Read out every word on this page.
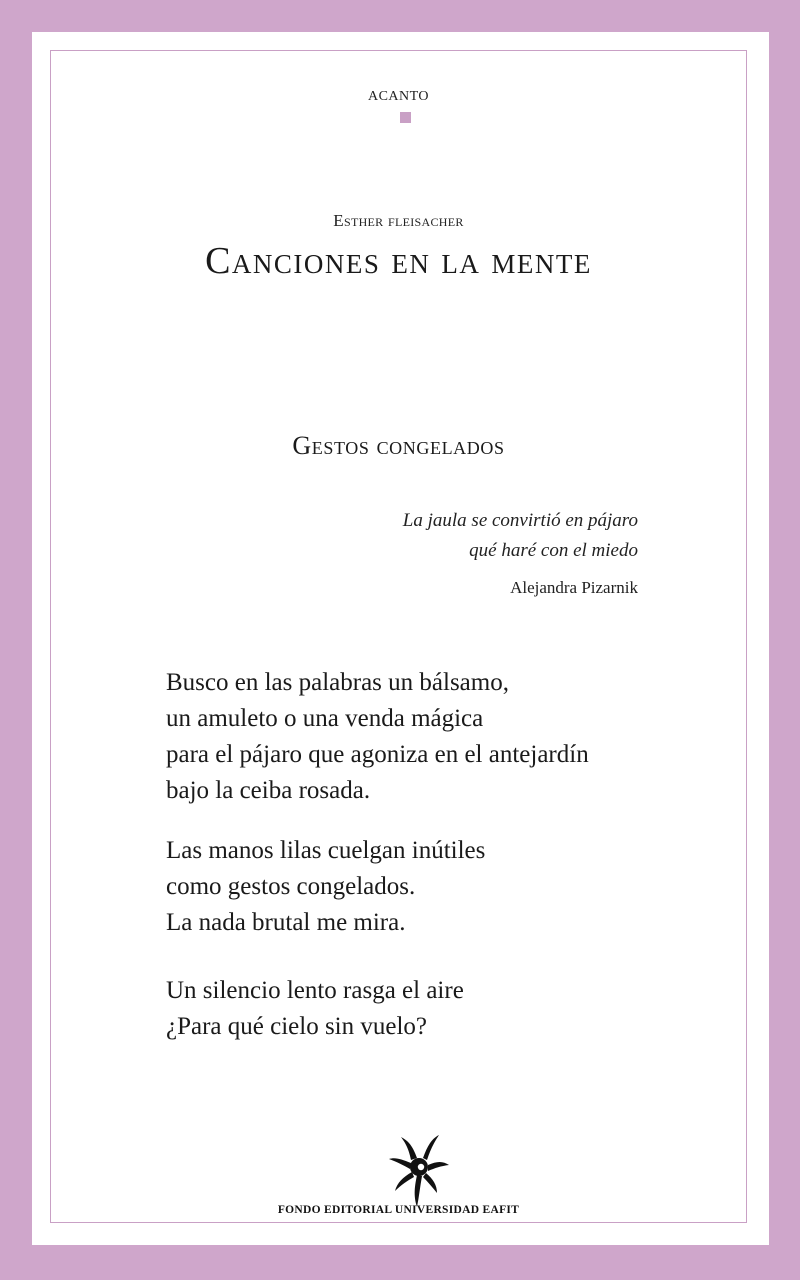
ACANTO
Esther fleisacher
Canciones en la mente
Gestos congelados
La jaula se convirtió en pájaro
qué haré con el miedo
Alejandra Pizarnik
Busco en las palabras un bálsamo,
un amuleto o una venda mágica
para el pájaro que agoniza en el antejardín
bajo la ceiba rosada.
Las manos lilas cuelgan inútiles
como gestos congelados.
La nada brutal me mira.
Un silencio lento rasga el aire
¿Para qué cielo sin vuelo?
FONDO EDITORIAL UNIVERSIDAD EAFIT
